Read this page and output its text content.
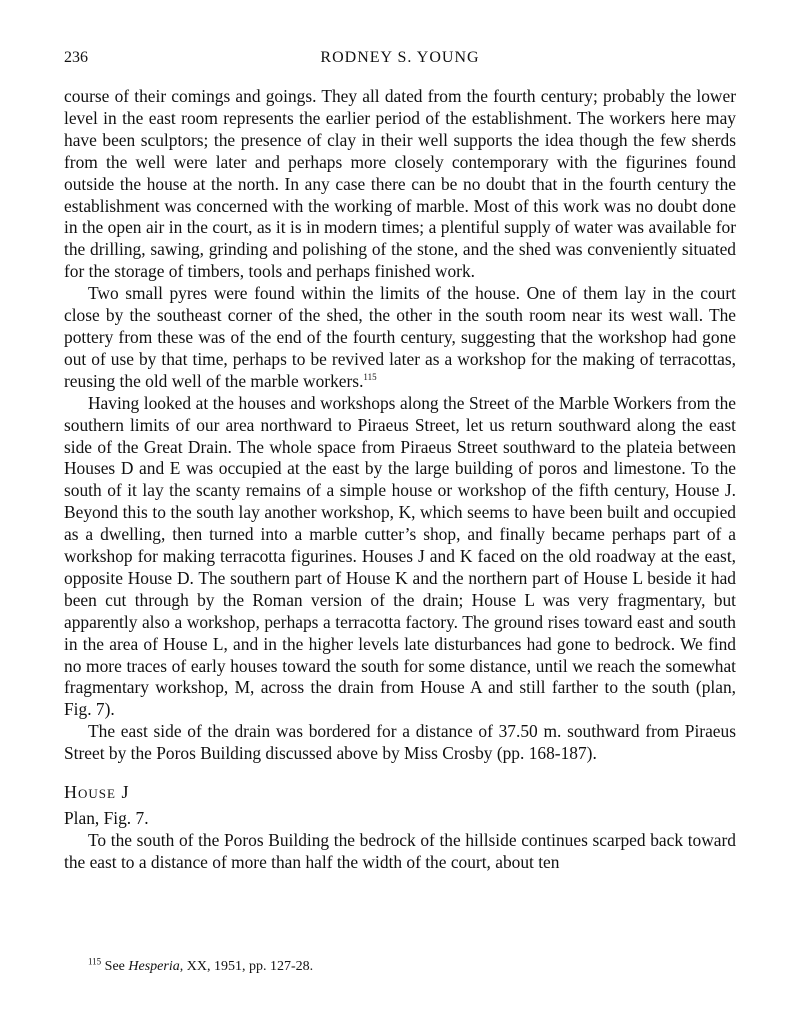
236	RODNEY S. YOUNG

course of their comings and goings. They all dated from the fourth century; probably the lower level in the east room represents the earlier period of the establishment. The workers here may have been sculptors; the presence of clay in their well supports the idea though the few sherds from the well were later and perhaps more closely contemporary with the figurines found outside the house at the north. In any case there can be no doubt that in the fourth century the establishment was concerned with the working of marble. Most of this work was no doubt done in the open air in the court, as it is in modern times; a plentiful supply of water was available for the drilling, sawing, grinding and polishing of the stone, and the shed was conveniently situated for the storage of timbers, tools and perhaps finished work.

Two small pyres were found within the limits of the house. One of them lay in the court close by the southeast corner of the shed, the other in the south room near its west wall. The pottery from these was of the end of the fourth century, suggesting that the workshop had gone out of use by that time, perhaps to be revived later as a workshop for the making of terracottas, reusing the old well of the marble workers.$^{115}$

Having looked at the houses and workshops along the Street of the Marble Workers from the southern limits of our area northward to Piraeus Street, let us return southward along the east side of the Great Drain. The whole space from Piraeus Street southward to the plateia between Houses D and E was occupied at the east by the large building of poros and limestone. To the south of it lay the scanty remains of a simple house or workshop of the fifth century, House J. Beyond this to the south lay another workshop, K, which seems to have been built and occupied as a dwelling, then turned into a marble cutter’s shop, and finally became perhaps part of a workshop for making terracotta figurines. Houses J and K faced on the old roadway at the east, opposite House D. The southern part of House K and the northern part of House L beside it had been cut through by the Roman version of the drain; House L was very fragmentary, but apparently also a workshop, perhaps a terracotta factory. The ground rises toward east and south in the area of House L, and in the higher levels late disturbances had gone to bedrock. We find no more traces of early houses toward the south for some distance, until we reach the somewhat fragmentary workshop, M, across the drain from House A and still farther to the south (plan, Fig. 7).

The east side of the drain was bordered for a distance of 37.50 m. southward from Piraeus Street by the Poros Building discussed above by Miss Crosby (pp. 168-187).

House J

Plan, Fig. 7.

To the south of the Poros Building the bedrock of the hillside continues scarped back toward the east to a distance of more than half the width of the court, about ten

$^{115}$ See Hesperia, XX, 1951, pp. 127-28.
